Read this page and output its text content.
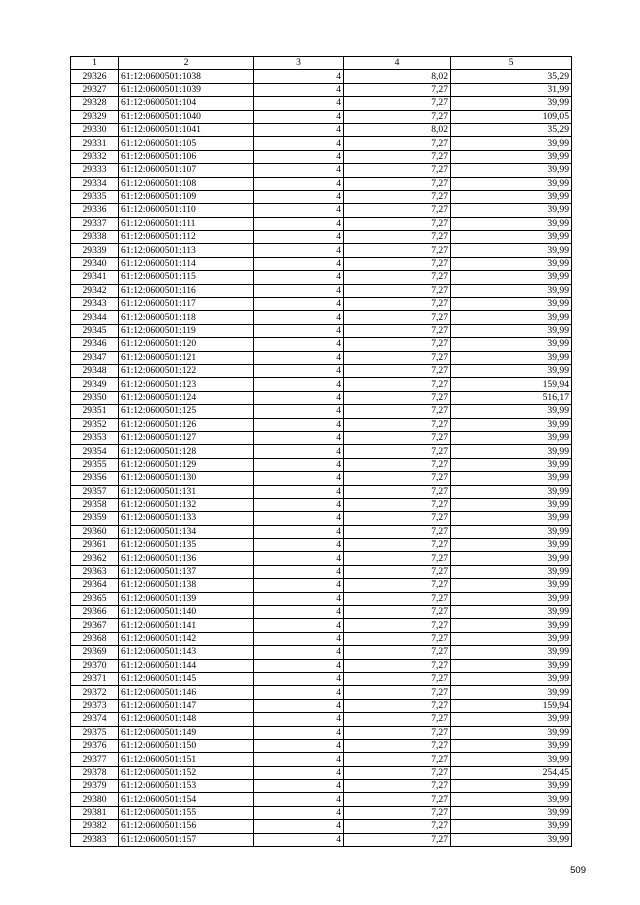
1	2	3	4	5
29326	61:12:0600501:1038	4	8,02	35,29
29327	61:12:0600501:1039	4	7,27	31,99
29328	61:12:0600501:104	4	7,27	39,99
29329	61:12:0600501:1040	4	7,27	109,05
29330	61:12:0600501:1041	4	8,02	35,29
29331	61:12:0600501:105	4	7,27	39,99
29332	61:12:0600501:106	4	7,27	39,99
29333	61:12:0600501:107	4	7,27	39,99
29334	61:12:0600501:108	4	7,27	39,99
29335	61:12:0600501:109	4	7,27	39,99
29336	61:12:0600501:110	4	7,27	39,99
29337	61:12:0600501:111	4	7,27	39,99
29338	61:12:0600501:112	4	7,27	39,99
29339	61:12:0600501:113	4	7,27	39,99
29340	61:12:0600501:114	4	7,27	39,99
29341	61:12:0600501:115	4	7,27	39,99
29342	61:12:0600501:116	4	7,27	39,99
29343	61:12:0600501:117	4	7,27	39,99
29344	61:12:0600501:118	4	7,27	39,99
29345	61:12:0600501:119	4	7,27	39,99
29346	61:12:0600501:120	4	7,27	39,99
29347	61:12:0600501:121	4	7,27	39,99
29348	61:12:0600501:122	4	7,27	39,99
29349	61:12:0600501:123	4	7,27	159,94
29350	61:12:0600501:124	4	7,27	516,17
29351	61:12:0600501:125	4	7,27	39,99
29352	61:12:0600501:126	4	7,27	39,99
29353	61:12:0600501:127	4	7,27	39,99
29354	61:12:0600501:128	4	7,27	39,99
29355	61:12:0600501:129	4	7,27	39,99
29356	61:12:0600501:130	4	7,27	39,99
29357	61:12:0600501:131	4	7,27	39,99
29358	61:12:0600501:132	4	7,27	39,99
29359	61:12:0600501:133	4	7,27	39,99
29360	61:12:0600501:134	4	7,27	39,99
29361	61:12:0600501:135	4	7,27	39,99
29362	61:12:0600501:136	4	7,27	39,99
29363	61:12:0600501:137	4	7,27	39,99
29364	61:12:0600501:138	4	7,27	39,99
29365	61:12:0600501:139	4	7,27	39,99
29366	61:12:0600501:140	4	7,27	39,99
29367	61:12:0600501:141	4	7,27	39,99
29368	61:12:0600501:142	4	7,27	39,99
29369	61:12:0600501:143	4	7,27	39,99
29370	61:12:0600501:144	4	7,27	39,99
29371	61:12:0600501:145	4	7,27	39,99
29372	61:12:0600501:146	4	7,27	39,99
29373	61:12:0600501:147	4	7,27	159,94
29374	61:12:0600501:148	4	7,27	39,99
29375	61:12:0600501:149	4	7,27	39,99
29376	61:12:0600501:150	4	7,27	39,99
29377	61:12:0600501:151	4	7,27	39,99
29378	61:12:0600501:152	4	7,27	254,45
29379	61:12:0600501:153	4	7,27	39,99
29380	61:12:0600501:154	4	7,27	39,99
29381	61:12:0600501:155	4	7,27	39,99
29382	61:12:0600501:156	4	7,27	39,99
29383	61:12:0600501:157	4	7,27	39,99
509
